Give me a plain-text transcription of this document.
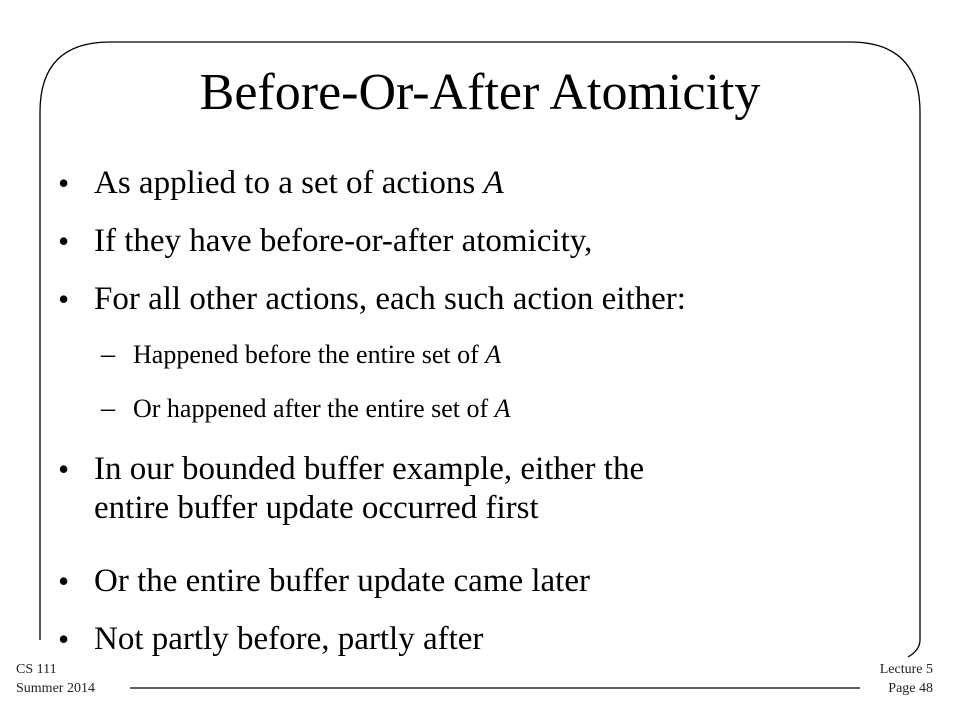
Before-Or-After Atomicity
• As applied to a set of actions A
• If they have before-or-after atomicity,
• For all other actions, each such action either:
– Happened before the entire set of A
– Or happened after the entire set of A
• In our bounded buffer example, either the
entire buffer update occurred first
• Or the entire buffer update came later
• Not partly before, partly after
CS 111
Summer 2014
Lecture 5
Page 48
